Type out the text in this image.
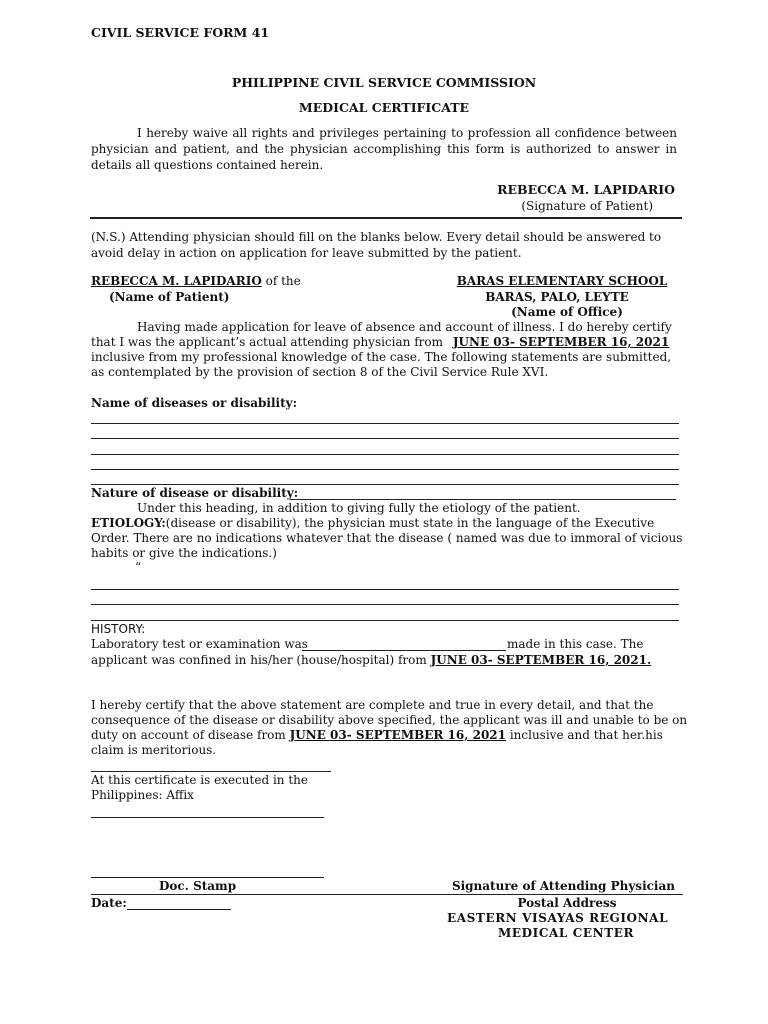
CIVIL SERVICE FORM 41
PHILIPPINE CIVIL SERVICE COMMISSION
MEDICAL CERTIFICATE
I hereby waive all rights and privileges pertaining to profession all confidence between physician and patient, and the physician accomplishing this form is authorized to answer in details all questions contained herein.
REBECCA M. LAPIDARIO
(Signature of Patient)
(N.S.) Attending physician should fill on the blanks below. Every detail should be answered to avoid delay in action on application for leave submitted by the patient.
REBECCA M. LAPIDARIO of the
(Name of Patient)
BARAS ELEMENTARY SCHOOL
BARAS, PALO, LEYTE
(Name of Office)
Having made application for leave of absence and account of illness. I do hereby certify
that I was the applicant’s actual attending physician from JUNE 03- SEPTEMBER 16, 2021
inclusive from my professional knowledge of the case. The following statements are submitted,
as contemplated by the provision of section 8 of the Civil Service Rule XVI.
Name of diseases or disability:
Nature of disease or disability:
Under this heading, in addition to giving fully the etiology of the patient.
ETIOLOGY:(disease or disability), the physician must state in the language of the Executive
Order. There are no indications whatever that the disease ( named was due to immoral of vicious
habits or give the indications.)
“
HISTORY:
Laboratory test or examination was	made in this case. The
applicant was confined in his/her (house/hospital) from JUNE 03- SEPTEMBER 16, 2021.
I hereby certify that the above statement are complete and true in every detail, and that the
consequence of the disease or disability above specified, the applicant was ill and unable to be on
duty on account of disease from JUNE 03- SEPTEMBER 16, 2021 inclusive and that her.his
claim is meritorious.
At this certificate is executed in the
Philippines: Affix
Doc. Stamp	Signature of Attending Physician
Date:	Postal Address
EASTERN VISAYAS REGIONAL
MEDICAL CENTER
